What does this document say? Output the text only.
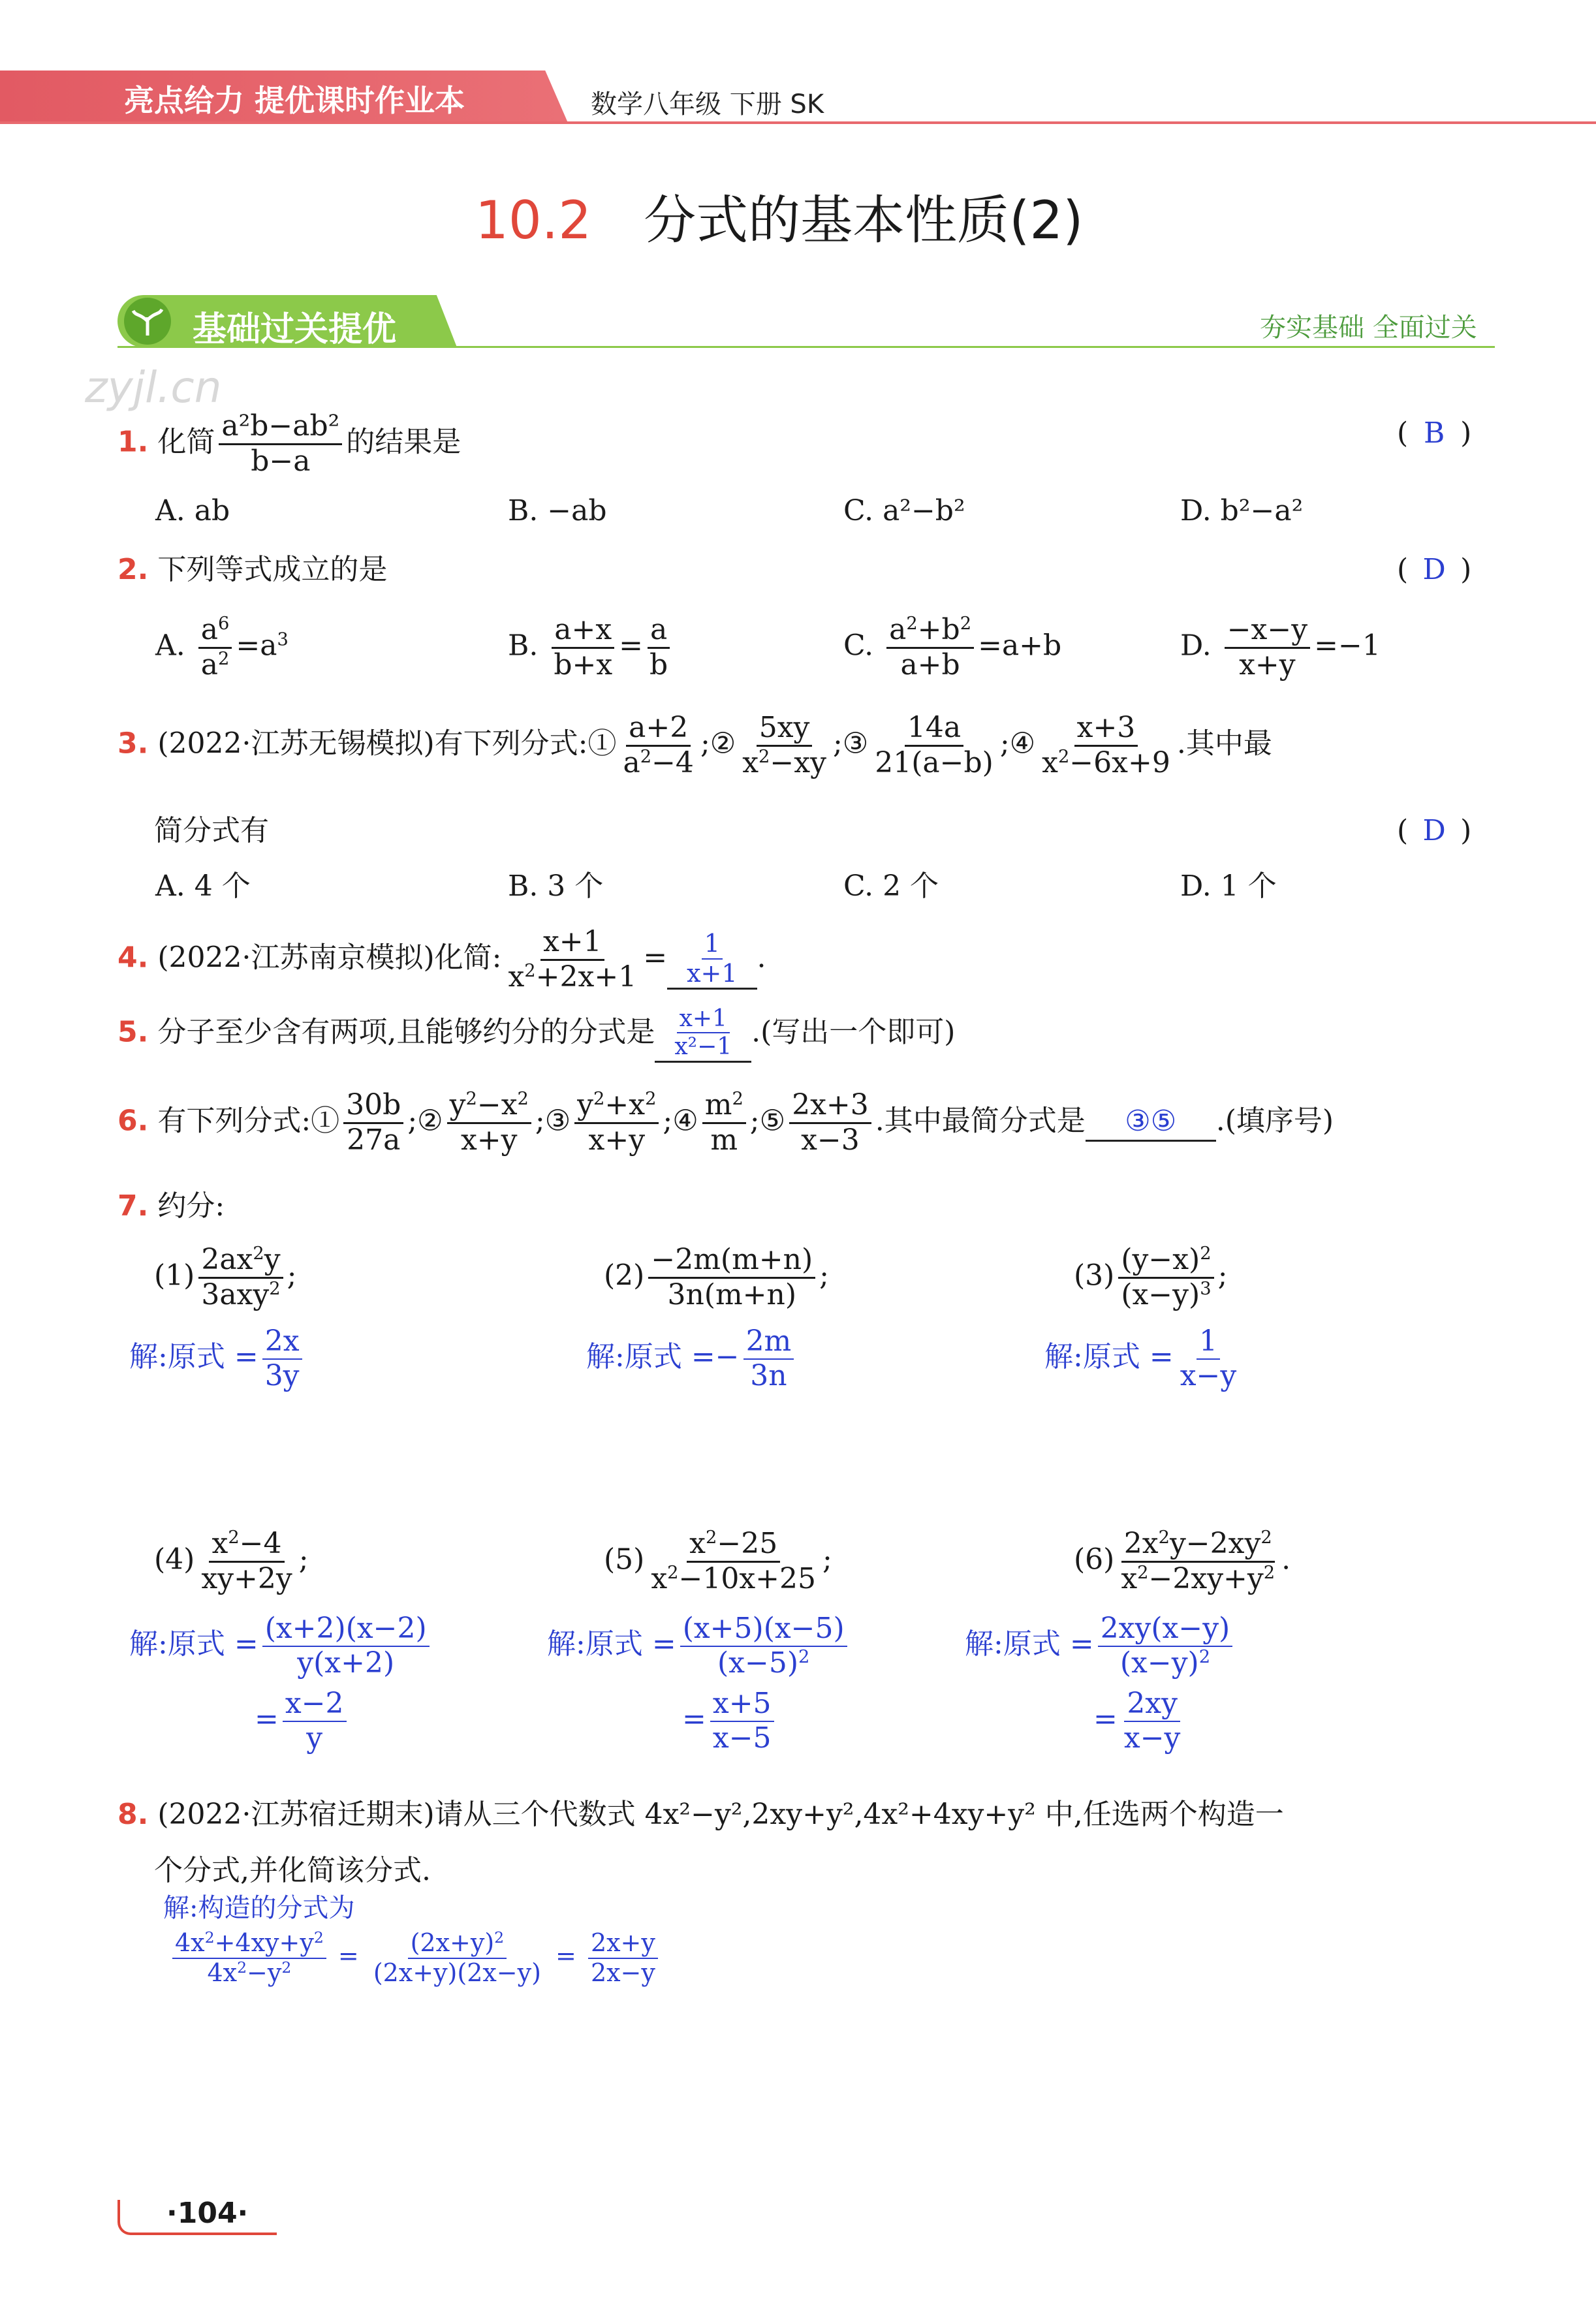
亮点给力 提优课时作业本	数学八年级 下册 SK
10.2 分式的基本性质(2)
基础过关提优	夯实基础 全面过关
zyjl.cn
1. 化简 $\frac{\text{a²b−ab²}}{b-a}$ 的结果是	( B )
A. ab	B. −ab	C. a²−b²	D. b²−a²
2. 下列等式成立的是	( D )
A. $\frac{a^6}{a^2} =a^3$	B. $\frac{a+x}{b+x} = \frac{a}{b}$	C. $\frac{a^2+b^2}{a+b} =a+b$	D. $\frac{-x-y}{x+y} =-1$
3. (2022·江苏无锡模拟)有下列分式:① $\frac{a+2}{a^2-4}$ ;② $\frac{5xy}{x^2-xy}$ ;③ $\frac{14a}{21(a-b)}$ ;④ $\frac{x+3}{x^2-6x+9}$ .其中最
简分式有	( D )
A. 4 个	B. 3 个	C. 2 个	D. 1 个
4. (2022·江苏南京模拟)化简: $\frac{x+1}{x^2+2x+1} = \frac{1}{x+1}$ .
5. 分子至少含有两项,且能够约分的分式是 $\frac{x+1}{\text{x²−1}}$ .(写出一个即可)
6. 有下列分式:① $\frac{30b}{27a}$ ;② $\frac{y^2-x^2}{x+y}$ ;③ $\frac{y^2+x^2}{x+y}$ ;④ $\frac{m^2}{m}$ ;⑤ $\frac{2x+3}{x-3}$ .其中最简分式是 ③⑤ .(填序号)
7. 约分:
(1) $2ax^2y$
3axy$^2$ ;
解:原式 = $\frac{2x}{3y}$
$(2) \frac{-2m(m+n)}{3n(m+n)}$ ;
解:原式 =− $\frac{2m}{3n}$
$(3) \frac{(y-x)^2}{(x-y)^3}$ ;
解:原式 = $\frac{1}{x-y}$
$(4) \frac{x^2-4}{xy+2y}$ ;
解:原式 = $\frac{(x+2)(x-2)}{y(x+2)}$
= $\frac{x-2}{y}$
$(5) \frac{x^2-25}{x^2-10x+25}$ ;
解:原式 = $\frac{(x+5)(x-5)}{(x-5)^2}$
= $\frac{x+5}{x-5}$
$(6) \frac{2x^2y-2xy^2}{x^2-2xy+y^2}$ .
解:原式 = $\frac{2xy(x-y)}{(x-y)^2}$
= $\frac{2xy}{x-y}$
8. (2022·江苏宿迁期末)请从三个代数式 4x²−y²,2xy+y²,4x²+4xy+y² 中,任选两个构造一
个分式,并化简该分式.
解:构造的分式为
$\frac{4x^2+4xy+y^2}{4x^2-y^2} = \frac{(2x+y)^2}{(2x+y)(2x-y)} = \frac{2x+y}{2x-y}$
·104·
